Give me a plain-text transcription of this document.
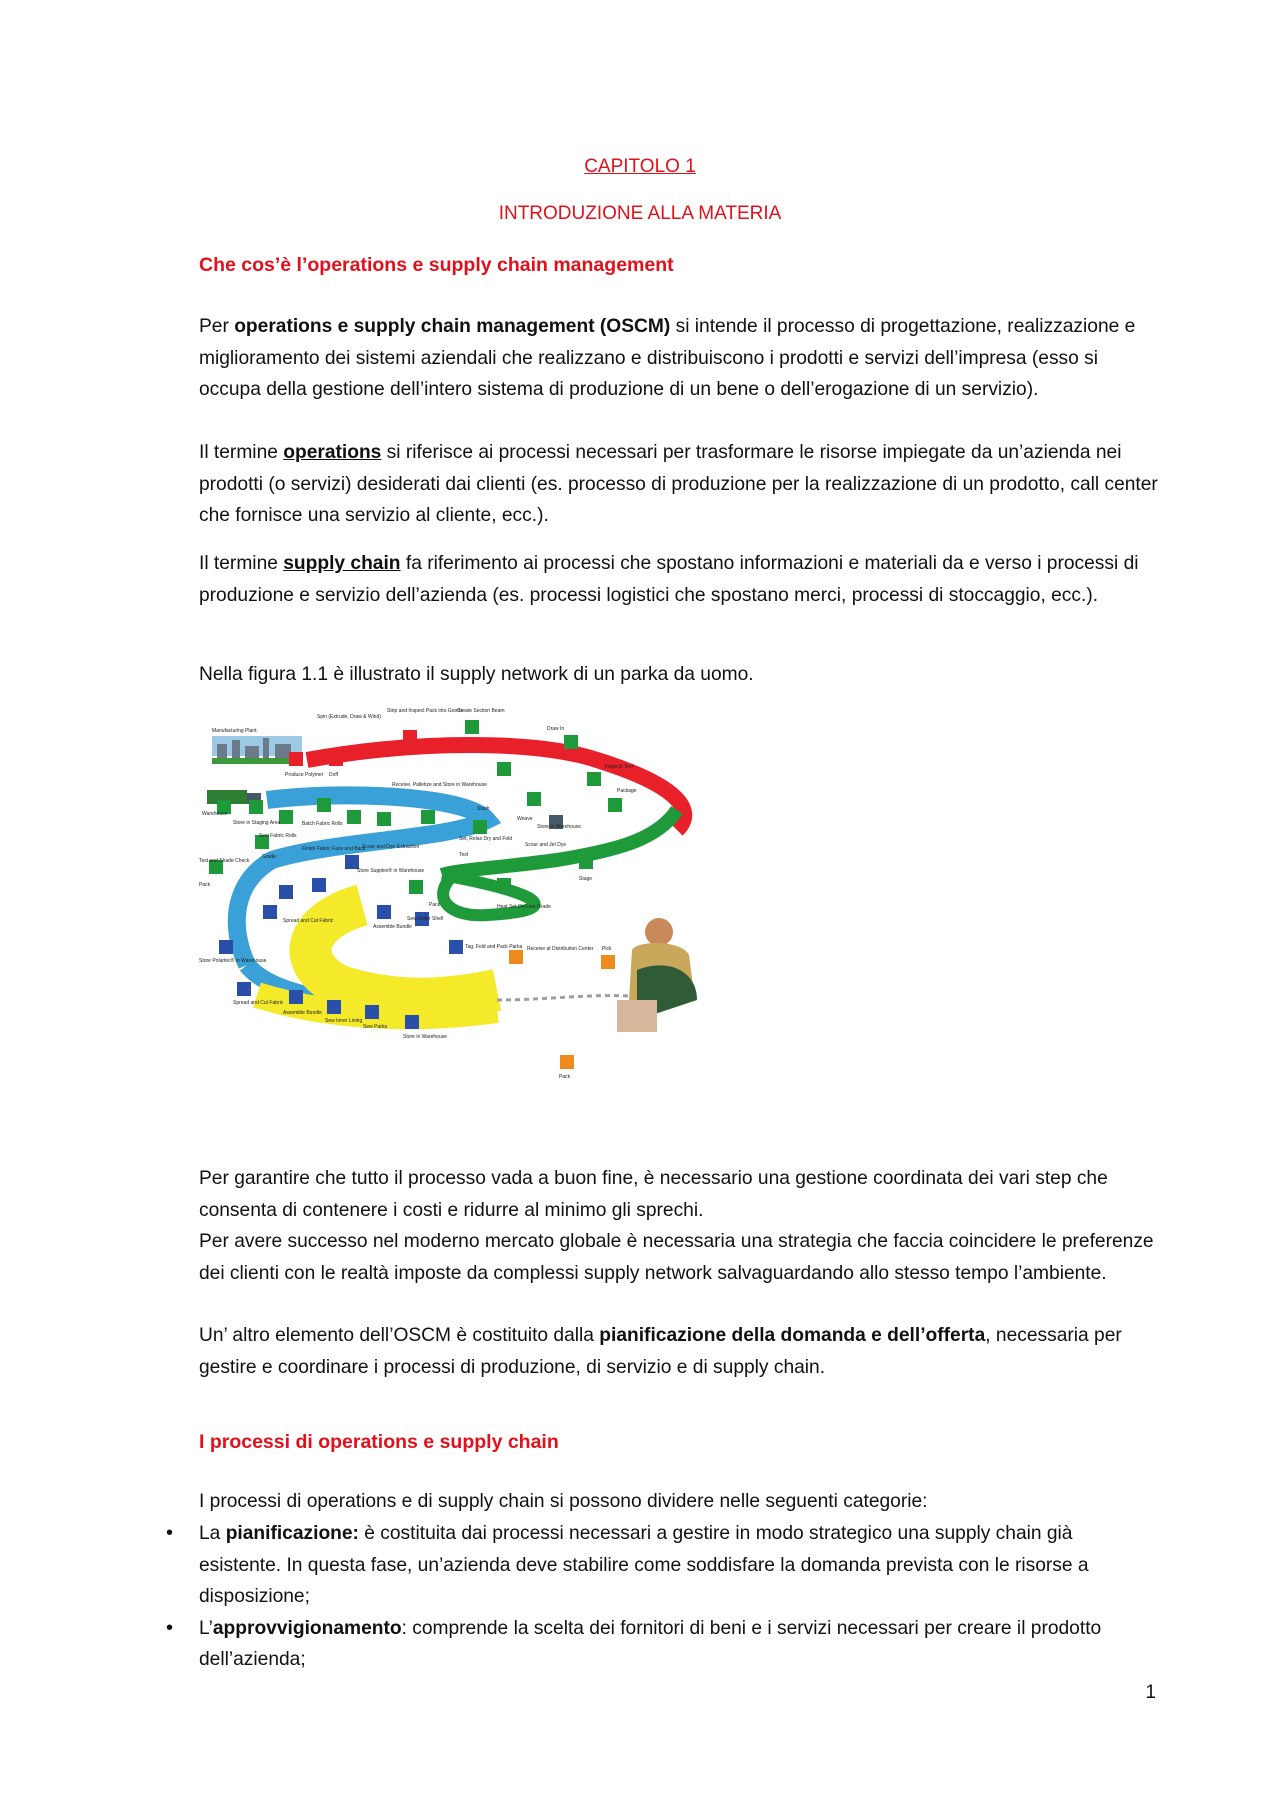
CAPITOLO 1
INTRODUZIONE ALLA MATERIA
Che cos’è l’operations e supply chain management

Per operations e supply chain management (OSCM) si intende il processo di progettazione, realizzazione e miglioramento dei sistemi aziendali che realizzano e distribuiscono i prodotti e servizi dell’impresa (esso si occupa della gestione dell’intero sistema di produzione di un bene o dell’erogazione di un servizio).

Il termine operations si riferisce ai processi necessari per trasformare le risorse impiegate da un’azienda nei prodotti (o servizi) desiderati dai clienti (es. processo di produzione per la realizzazione di un prodotto, call center che fornisce una servizio al cliente, ecc.).

Il termine supply chain fa riferimento ai processi che spostano informazioni e materiali da e verso i processi di produzione e servizio dell’azienda (es. processi logistici che spostano merci, processi di stoccaggio, ecc.).

Nella figura 1.1 è illustrato il supply network di un parka da uomo.

Manufacturing Plant
Spin (Extrude, Draw & Wind)
Strip and Inspect Pack into Goods
Create Section Beam
Draw In
Inspect/ Test
Package
Produce Polymer Doff
Receive, Palletize and Store in Warehouse
Slash
Weave
Store in Warehouse
Warehouse
Store in Staging Area
Sew Fabric Rolls
Batch Fabric Rolls
Finish Fabric Face and Back
Scour and Dye Extraction
Set, Relax Dry and Fold
Test
Scour and Jet Dye
Grade
Test and Shade Check
Store Supplex® in Warehouse
Pack
Spread and Cut Fabric
Assemble Bundle
Sew Outer Shell
Pack	Heat Set On-Line Grade
Stage
Store Polartec® in Warehouse
Tag, Fold and Pack Parka Receive at Distribution Center Pick
Spread and Cut Fabric
Assemble Bundle
Sew Inner Lining
Sew Parka
Store in Warehouse
Pack

Per garantire che tutto il processo vada a buon fine, è necessario una gestione coordinata dei vari step che consenta di contenere i costi e ridurre al minimo gli sprechi.

Per avere successo nel moderno mercato globale è necessaria una strategia che faccia coincidere le preferenze dei clienti con le realtà imposte da complessi supply network salvaguardando allo stesso tempo l’ambiente.

Un’ altro elemento dell’OSCM è costituito dalla pianificazione della domanda e dell’offerta, necessaria per gestire e coordinare i processi di produzione, di servizio e di supply chain.

I processi di operations e supply chain

I processi di operations e di supply chain si possono dividere nelle seguenti categorie:

• La pianificazione: è costituita dai processi necessari a gestire in modo strategico una supply chain già esistente. In questa fase, un’azienda deve stabilire come soddisfare la domanda prevista con le risorse a disposizione;
• L’approvvigionamento: comprende la scelta dei fornitori di beni e i servizi necessari per creare il prodotto dell’azienda;
1
